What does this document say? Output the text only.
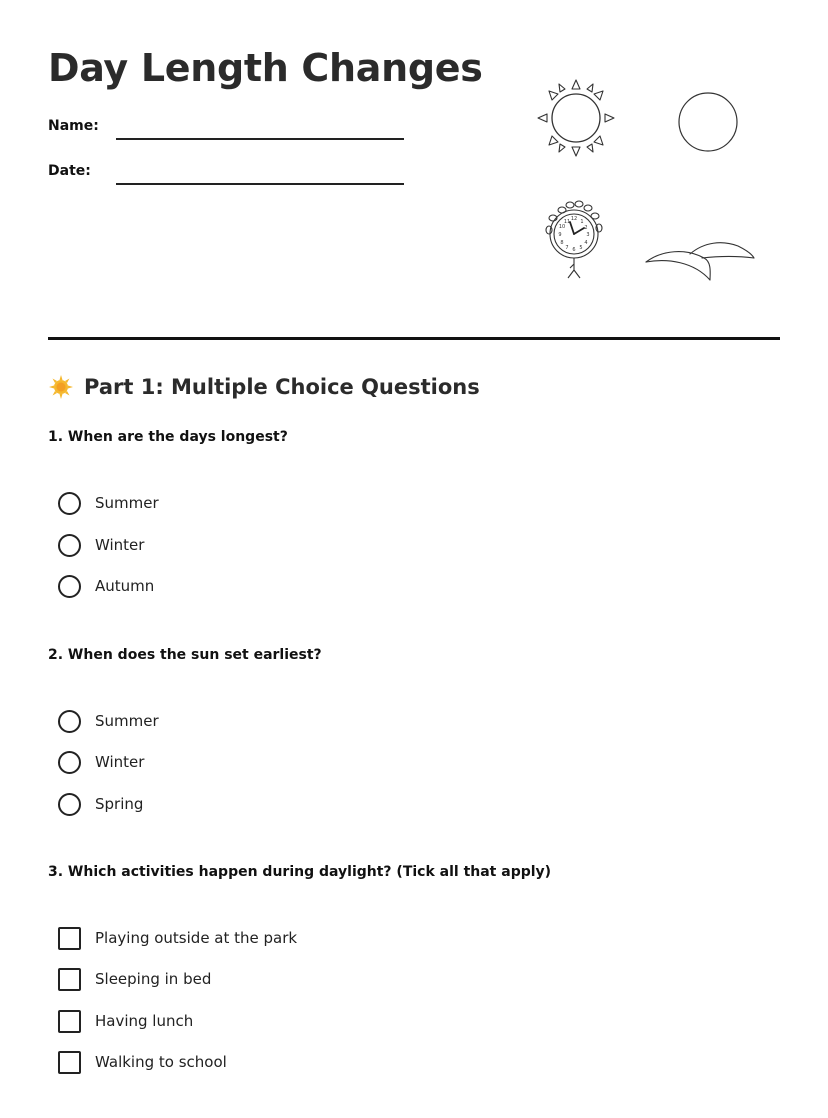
Day Length Changes
Name:
Date:
12
3
6
9
1
2
4
5
7
8
10
11
Part 1: Multiple Choice Questions
1. When are the days longest?
Summer
Winter
Autumn
2. When does the sun set earliest?
Summer
Winter
Spring
3. Which activities happen during daylight? (Tick all that apply)
Playing outside at the park
Sleeping in bed
Having lunch
Walking to school
